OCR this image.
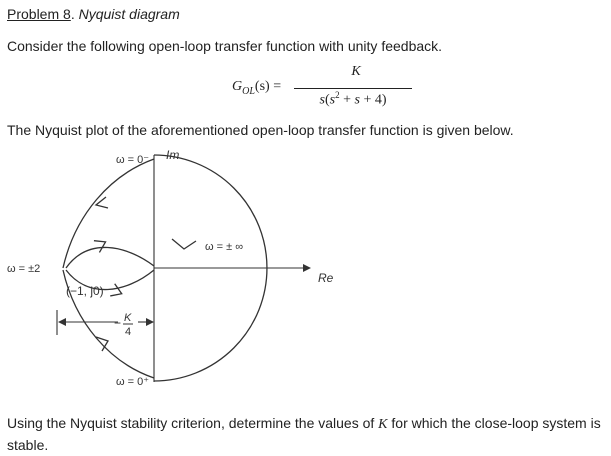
Problem 8. Nyquist diagram
Consider the following open-loop transfer function with unity feedback.
$G_{OL}(s)$ =
K
$s(s^2 + s + 4)$
The Nyquist plot of the aforementioned open-loop transfer function is given below.
ω = 0⁻ Im
ω = ±2
ω = ± ∞
Re
(−1, j0)
− K
4
ω = 0⁺
Using the Nyquist stability criterion, determine the values of K for which the close-loop system is stable.
